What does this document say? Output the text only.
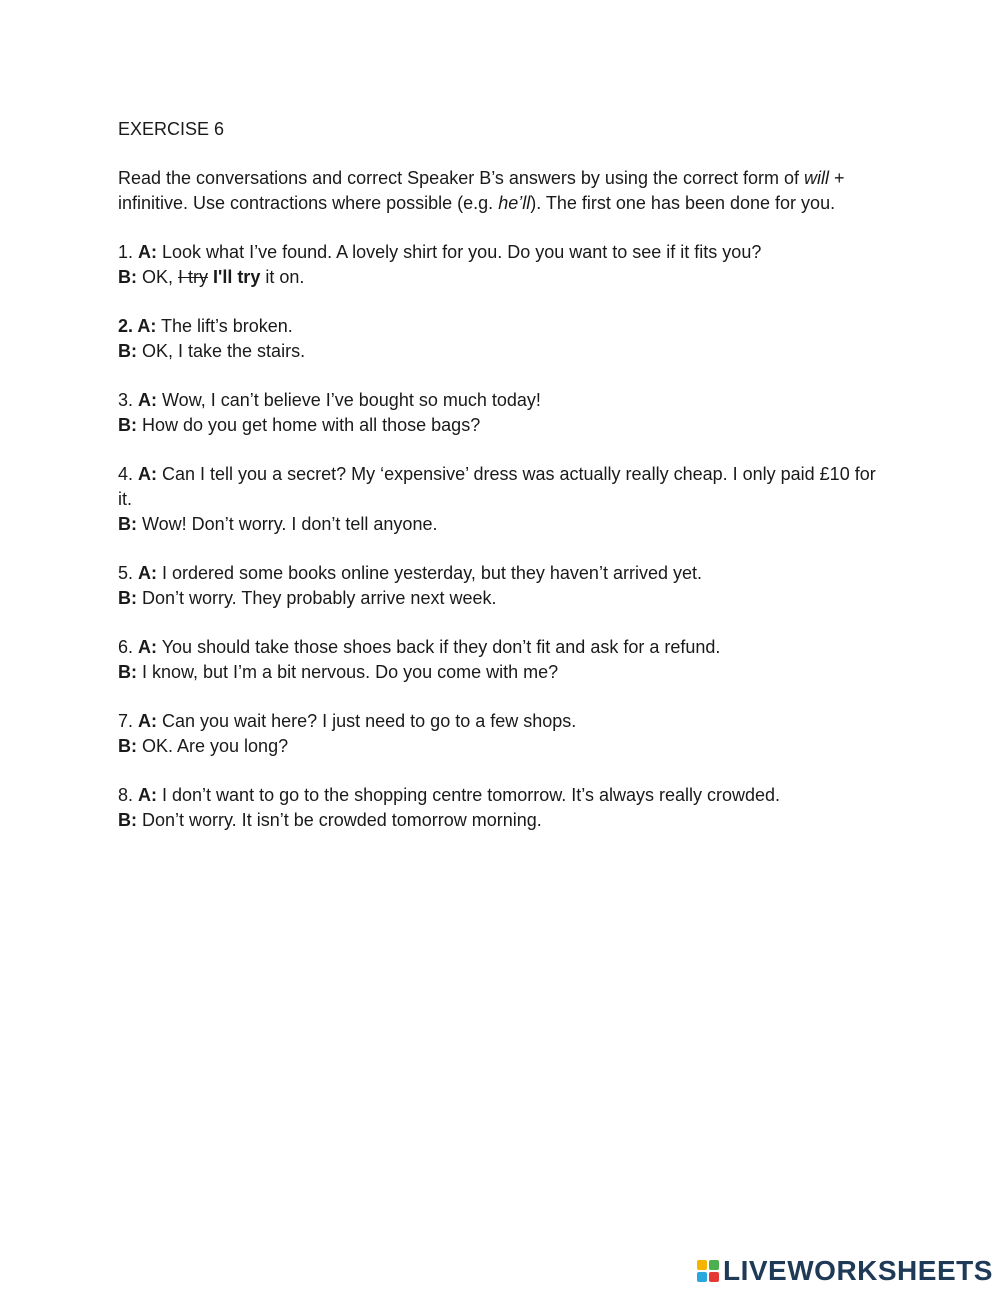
EXERCISE 6
Read the conversations and correct Speaker B’s answers by using the correct form of will + infinitive. Use contractions where possible (e.g. he’ll). The first one has been done for you.
1. A: Look what I’ve found. A lovely shirt for you. Do you want to see if it fits you?
B: OK, I try I'll try it on.
2. A: The lift’s broken.
B: OK, I take the stairs.
3. A: Wow, I can’t believe I’ve bought so much today!
B: How do you get home with all those bags?
4. A: Can I tell you a secret? My ‘expensive’ dress was actually really cheap. I only paid £10 for it.
B: Wow! Don’t worry. I don’t tell anyone.
5. A: I ordered some books online yesterday, but they haven’t arrived yet.
B: Don’t worry. They probably arrive next week.
6. A: You should take those shoes back if they don’t fit and ask for a refund.
B: I know, but I’m a bit nervous. Do you come with me?
7. A: Can you wait here? I just need to go to a few shops.
B: OK. Are you long?
8. A: I don’t want to go to the shopping centre tomorrow. It’s always really crowded.
B: Don’t worry. It isn’t be crowded tomorrow morning.
LIVEWORKSHEETS
